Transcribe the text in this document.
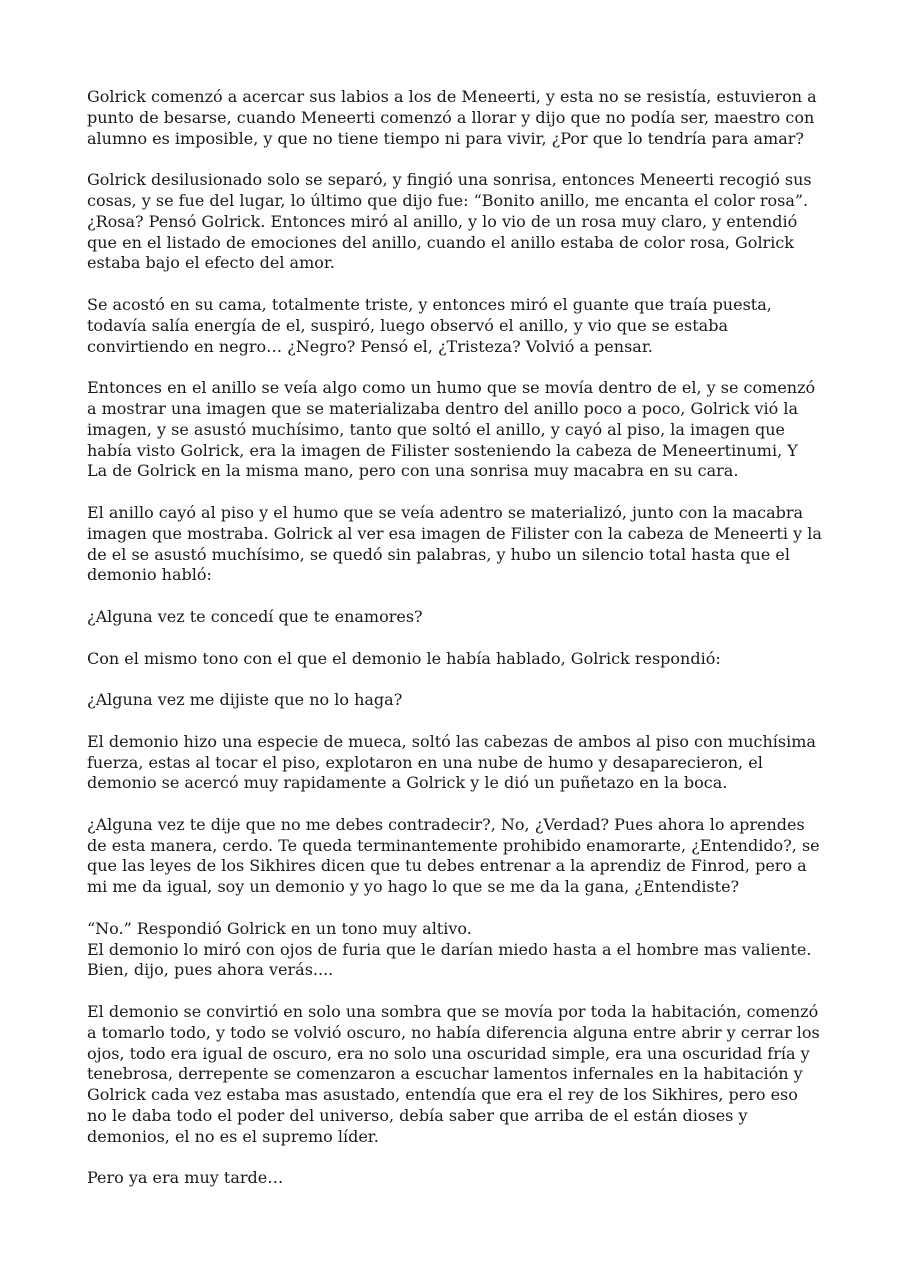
Golrick comenzó a acercar sus labios a los de Meneerti, y esta no se resistía, estuvieron a punto de besarse, cuando Meneerti comenzó a llorar y dijo que no podía ser, maestro con alumno es imposible, y que no tiene tiempo ni para vivir, ¿Por que lo tendría para amar?

Golrick desilusionado solo se separó, y fingió una sonrisa, entonces Meneerti recogió sus cosas, y se fue del lugar, lo último que dijo fue: “Bonito anillo, me encanta el color rosa”. ¿Rosa? Pensó Golrick. Entonces miró al anillo, y lo vio de un rosa muy claro, y entendió que en el listado de emociones del anillo, cuando el anillo estaba de color rosa, Golrick estaba bajo el efecto del amor.

Se acostó en su cama, totalmente triste, y entonces miró el guante que traía puesta, todavía salía energía de el, suspiró, luego observó el anillo, y vio que se estaba convirtiendo en negro… ¿Negro? Pensó el, ¿Tristeza? Volvió a pensar.

Entonces en el anillo se veía algo como un humo que se movía dentro de el, y se comenzó a mostrar una imagen que se materializaba dentro del anillo poco a poco, Golrick vió la imagen, y se asustó muchísimo, tanto que soltó el anillo, y cayó al piso, la imagen que había visto Golrick, era la imagen de Filister sosteniendo la cabeza de Meneertinumi, Y La de Golrick en la misma mano, pero con una sonrisa muy macabra en su cara.

El anillo cayó al piso y el humo que se veía adentro se materializó, junto con la macabra imagen que mostraba. Golrick al ver esa imagen de Filister con la cabeza de Meneerti y la de el se asustó muchísimo, se quedó sin palabras, y hubo un silencio total hasta que el demonio habló:

¿Alguna vez te concedí que te enamores?

Con el mismo tono con el que el demonio le había hablado, Golrick respondió:

¿Alguna vez me dijiste que no lo haga?

El demonio hizo una especie de mueca, soltó las cabezas de ambos al piso con muchísima fuerza, estas al tocar el piso, explotaron en una nube de humo y desaparecieron, el demonio se acercó muy rapidamente a Golrick y le dió un puñetazo en la boca.

¿Alguna vez te dije que no me debes contradecir?, No, ¿Verdad? Pues ahora lo aprendes de esta manera, cerdo. Te queda terminantemente prohibido enamorarte, ¿Entendido?, se que las leyes de los Sikhires dicen que tu debes entrenar a la aprendiz de Finrod, pero a mi me da igual, soy un demonio y yo hago lo que se me da la gana, ¿Entendiste?

“No.” Respondió Golrick en un tono muy altivo.
El demonio lo miró con ojos de furia que le darían miedo hasta a el hombre mas valiente. Bien, dijo, pues ahora verás....

El demonio se convirtió en solo una sombra que se movía por toda la habitación, comenzó a tomarlo todo, y todo se volvió oscuro, no había diferencia alguna entre abrir y cerrar los ojos, todo era igual de oscuro, era no solo una oscuridad simple, era una oscuridad fría y tenebrosa, derrepente se comenzaron a escuchar lamentos infernales en la habitación y Golrick cada vez estaba mas asustado, entendía que era el rey de los Sikhires, pero eso no le daba todo el poder del universo, debía saber que arriba de el están dioses y demonios, el no es el supremo líder.

Pero ya era muy tarde…
